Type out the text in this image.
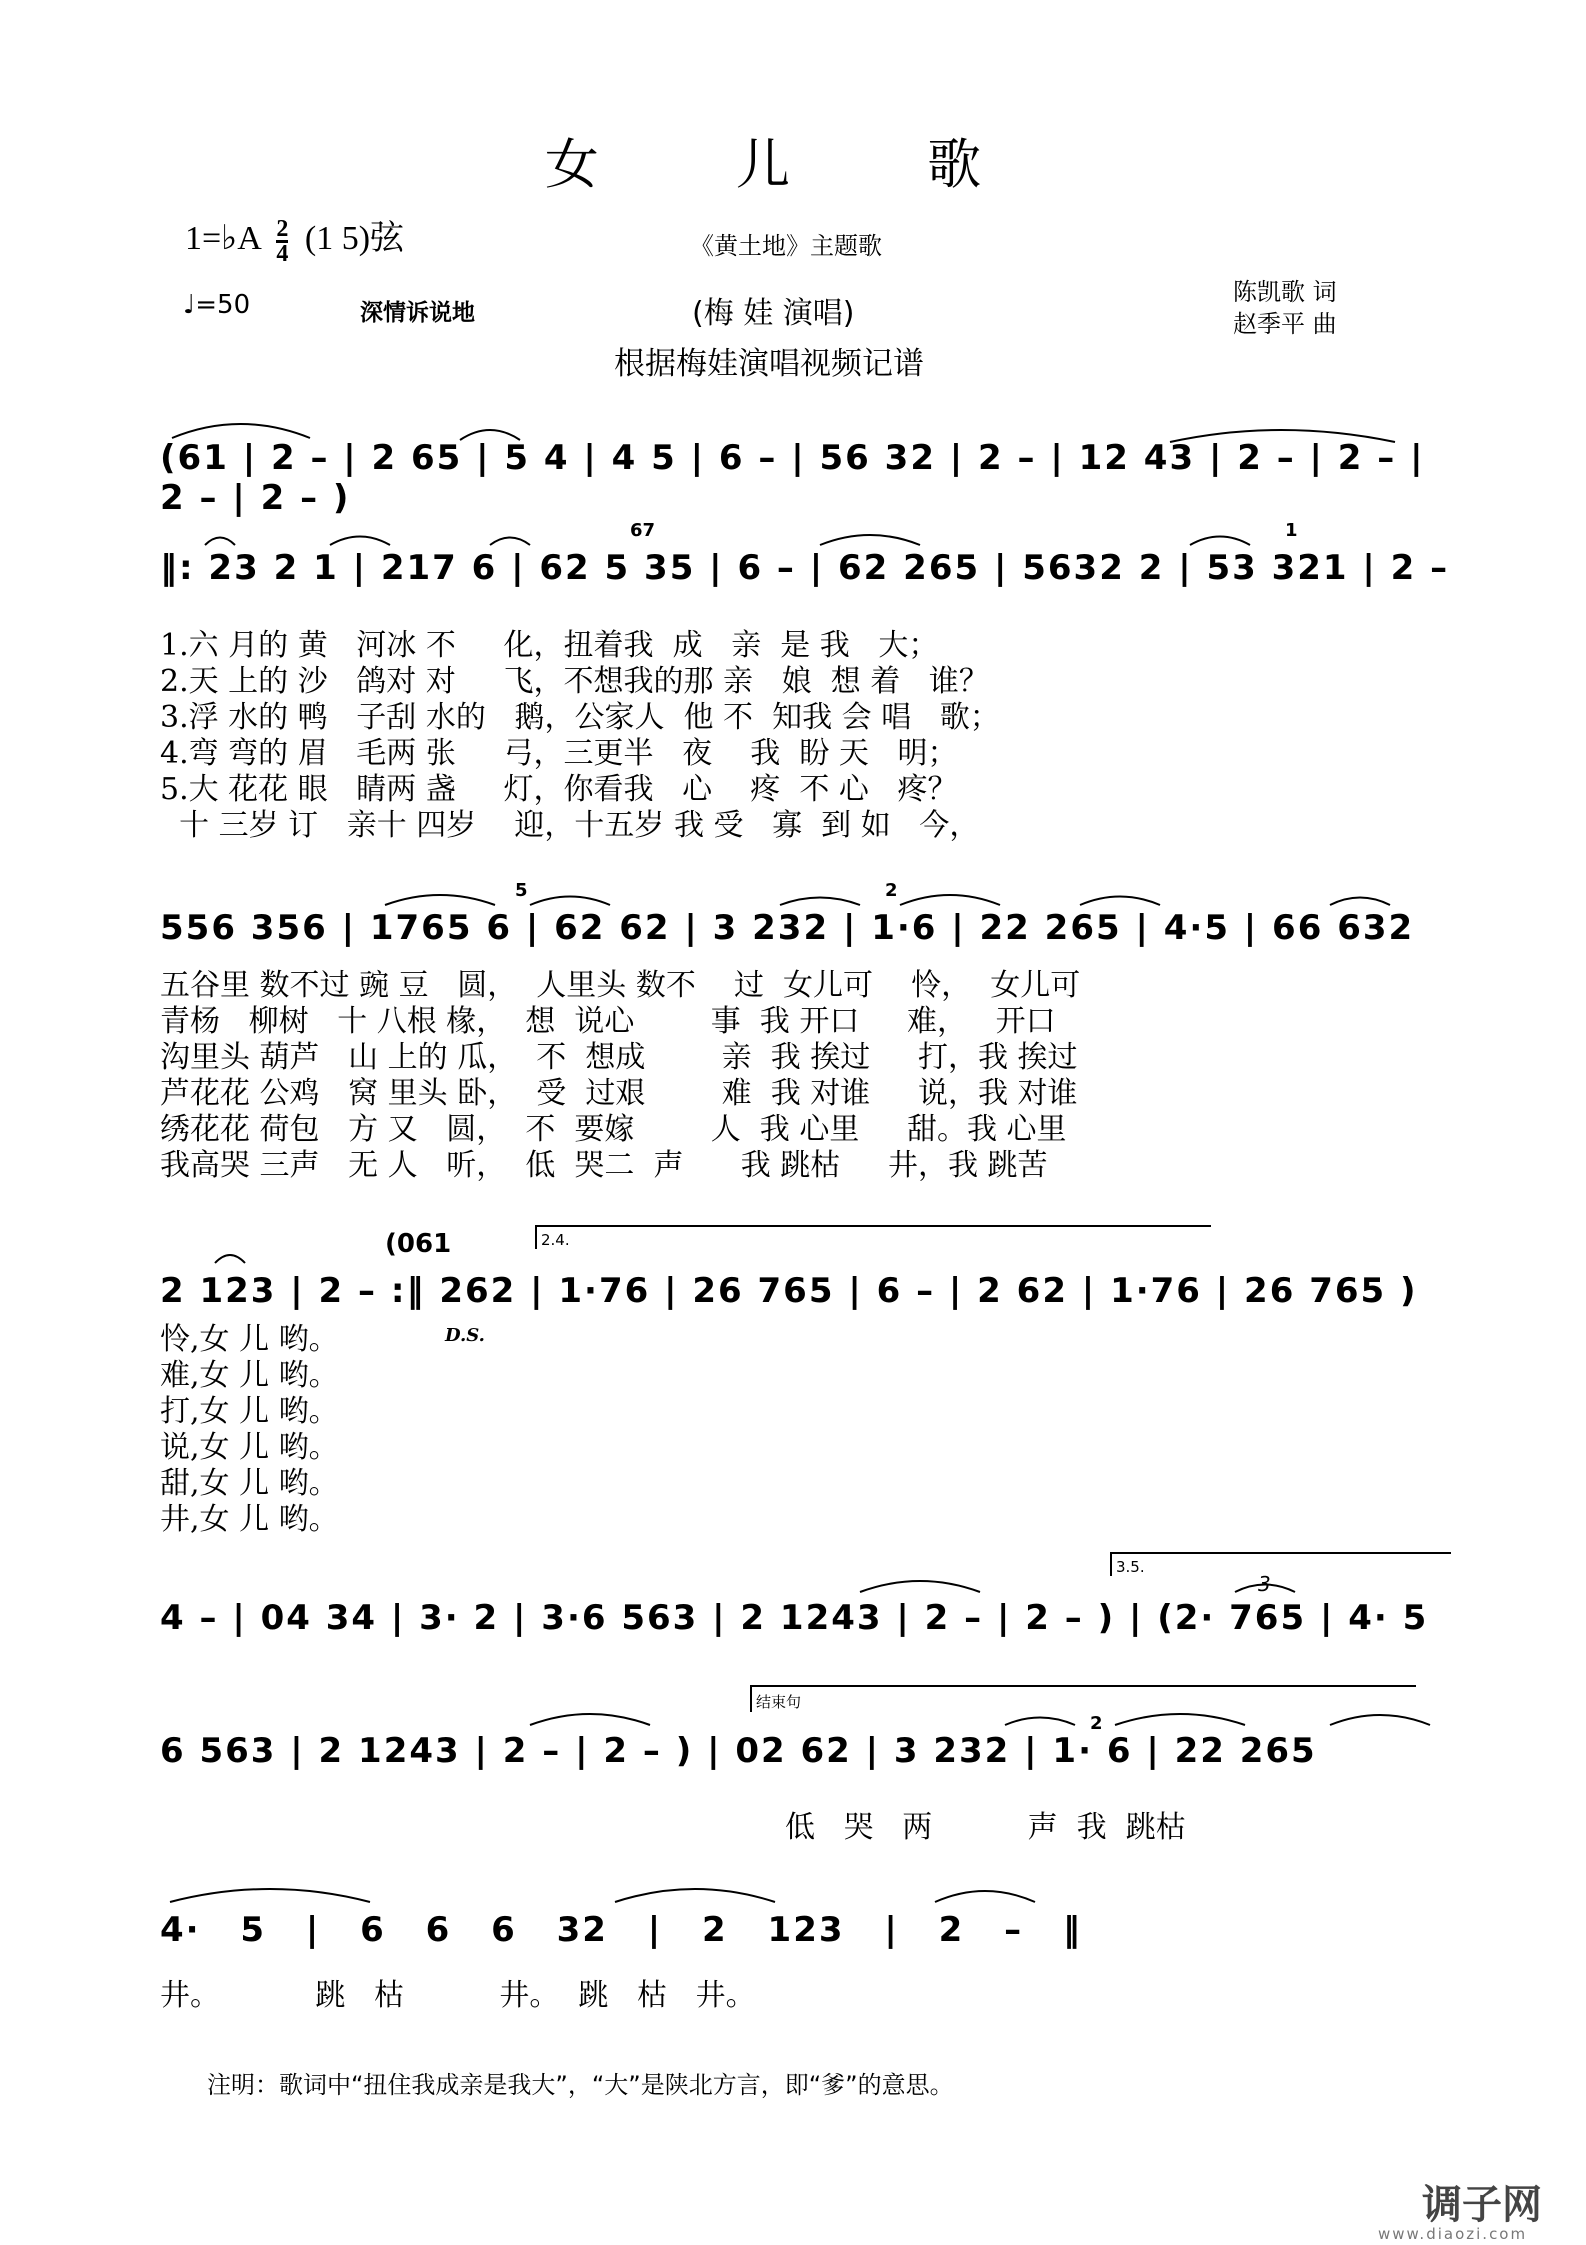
女 儿 歌
1=♭A $\frac{2}{4} (1$ 5)弦	《黄土地》主题歌
♩=50	深情诉说地	(梅 娃 演唱)
陈凯歌 词
赵季平 曲
根据梅娃演唱视频记谱
(61 | 2 – | 2 65 | 5 4 | 4 5 | 6 – | 56 32 | 2 – | 12 43 | 2 – | 2 – | 2 – | 2 – )
67	1
‖: 23 2 1 | 217 6 | 62 5 35 | 6 – | 62 265 | 5632 2 | 53 321 | 2 –
1.六 月的 黄   河冰 不     化，扭着我  成   亲  是 我   大；
2.天 上的 沙   鸽对 对     飞，不想我的那 亲   娘  想 着   谁？
3.浮 水的 鸭   子刮 水的   鹅，公家人  他 不  知我 会 唱   歌；
4.弯 弯的 眉   毛两 张     弓，三更半   夜    我  盼 天   明；
5.大 花花 眼   睛两 盏     灯，你看我   心    疼  不 心   疼？
十 三岁 订   亲十 四岁    迎，十五岁 我 受   寡  到 如   今，
5	2
556 356 | 1765 6 | 62 62 | 3 232 | 1·6 | 22 265 | 4·5 | 66 632
五谷里 数不过 豌 豆   圆，  人里头 数不    过  女儿可    怜，  女儿可
青杨   柳树   十 八根 椽，  想  说心        事  我 开口     难，   开口
沟里头 葫芦   山 上的 瓜，  不  想成        亲  我 挨过     打，我 挨过
芦花花 公鸡   窝 里头 卧，  受  过艰        难  我 对谁     说，我 对谁
绣花花 荷包   方 又   圆，  不  要嫁        人  我 心里     甜。我 心里
我高哭 三声   无 人   听，  低  哭二  声      我 跳枯     井，我 跳苦
(061	2.4.
D.S.
2 123 | 2 – :‖ 262 | 1·76 | 26 765 | 6 – | 2 62 | 1·76 | 26 765 )
怜,女 儿 哟。
难,女 儿 哟。
打,女 儿 哟。
说,女 儿 哟。
甜,女 儿 哟。
井,女 儿 哟。
3.5.
3
4 – | 04 34 | 3· 2 | 3·6 563 | 2 1243 | 2 – | 2 – ) | (2· 765 | 4· 5
结束句
2
6 563 | 2 1243 | 2 – | 2 – ) | 02 62 | 3 232 | 1· 6 | 22 265
低   哭   两          声  我  跳枯
4· 5 | 6 6 6 32 | 2 123 | 2 – ‖
井。          跳   枯          井。  跳   枯   井。
注明：歌词中“扭住我成亲是我大”，“大”是陕北方言，即“爹”的意思。
调子网
www.diaozi.com
